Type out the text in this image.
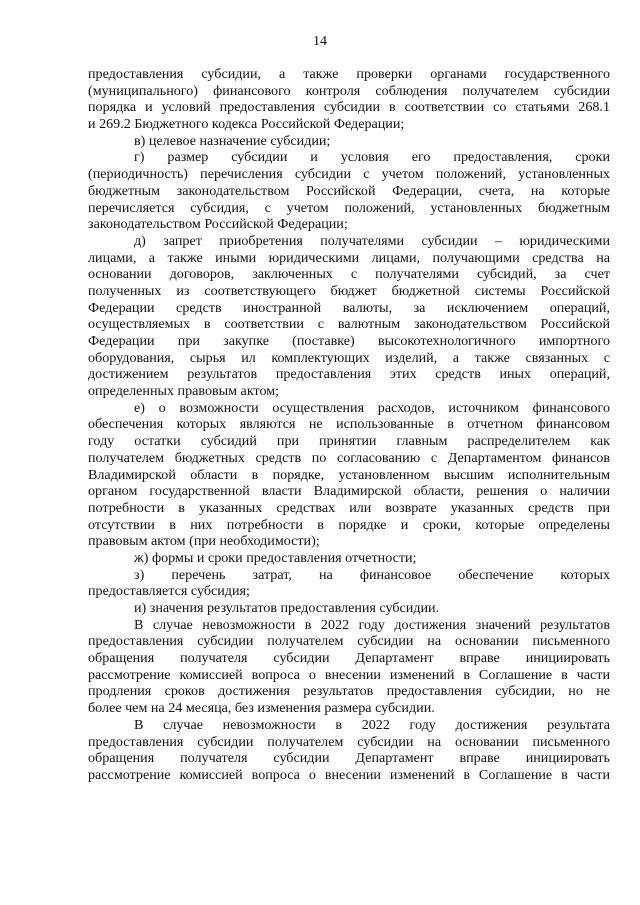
14
предоставления субсидии, а также проверки органами государственного
(муниципального) финансового контроля соблюдения получателем субсидии
порядка и условий предоставления субсидии в соответствии со статьями 268.1
и 269.2 Бюджетного кодекса Российской Федерации;
в) целевое назначение субсидии;
г) размер субсидии и условия его предоставления, сроки
(периодичность) перечисления субсидии с учетом положений, установленных
бюджетным законодательством Российской Федерации, счета, на которые
перечисляется субсидия, с учетом положений, установленных бюджетным
законодательством Российской Федерации;
д) запрет приобретения получателями субсидии – юридическими
лицами, а также иными юридическими лицами, получающими средства на
основании договоров, заключенных с получателями субсидий, за счет
полученных из соответствующего бюджет бюджетной системы Российской
Федерации средств иностранной валюты, за исключением операций,
осуществляемых в соответствии с валютным законодательством Российской
Федерации при закупке (поставке) высокотехнологичного импортного
оборудования, сырья ил комплектующих изделий, а также связанных с
достижением результатов предоставления этих средств иных операций,
определенных правовым актом;
е) о возможности осуществления расходов, источником финансового
обеспечения которых являются не использованные в отчетном финансовом
году остатки субсидий при принятии главным распределителем как
получателем бюджетных средств по согласованию с Департаментом финансов
Владимирской области в порядке, установленном высшим исполнительным
органом государственной власти Владимирской области, решения о наличии
потребности в указанных средствах или возврате указанных средств при
отсутствии в них потребности в порядке и сроки, которые определены
правовым актом (при необходимости);
ж) формы и сроки предоставления отчетности;
з) перечень затрат, на финансовое обеспечение которых
предоставляется субсидия;
и) значения результатов предоставления субсидии.
В случае невозможности в 2022 году достижения значений результатов
предоставления субсидии получателем субсидии на основании письменного
обращения получателя субсидии Департамент вправе инициировать
рассмотрение комиссией вопроса о внесении изменений в Соглашение в части
продления сроков достижения результатов предоставления субсидии, но не
более чем на 24 месяца, без изменения размера субсидии.
В случае невозможности в 2022 году достижения результата
предоставления субсидии получателем субсидии на основании письменного
обращения получателя субсидии Департамент вправе инициировать
рассмотрение комиссией вопроса о внесении изменений в Соглашение в части
